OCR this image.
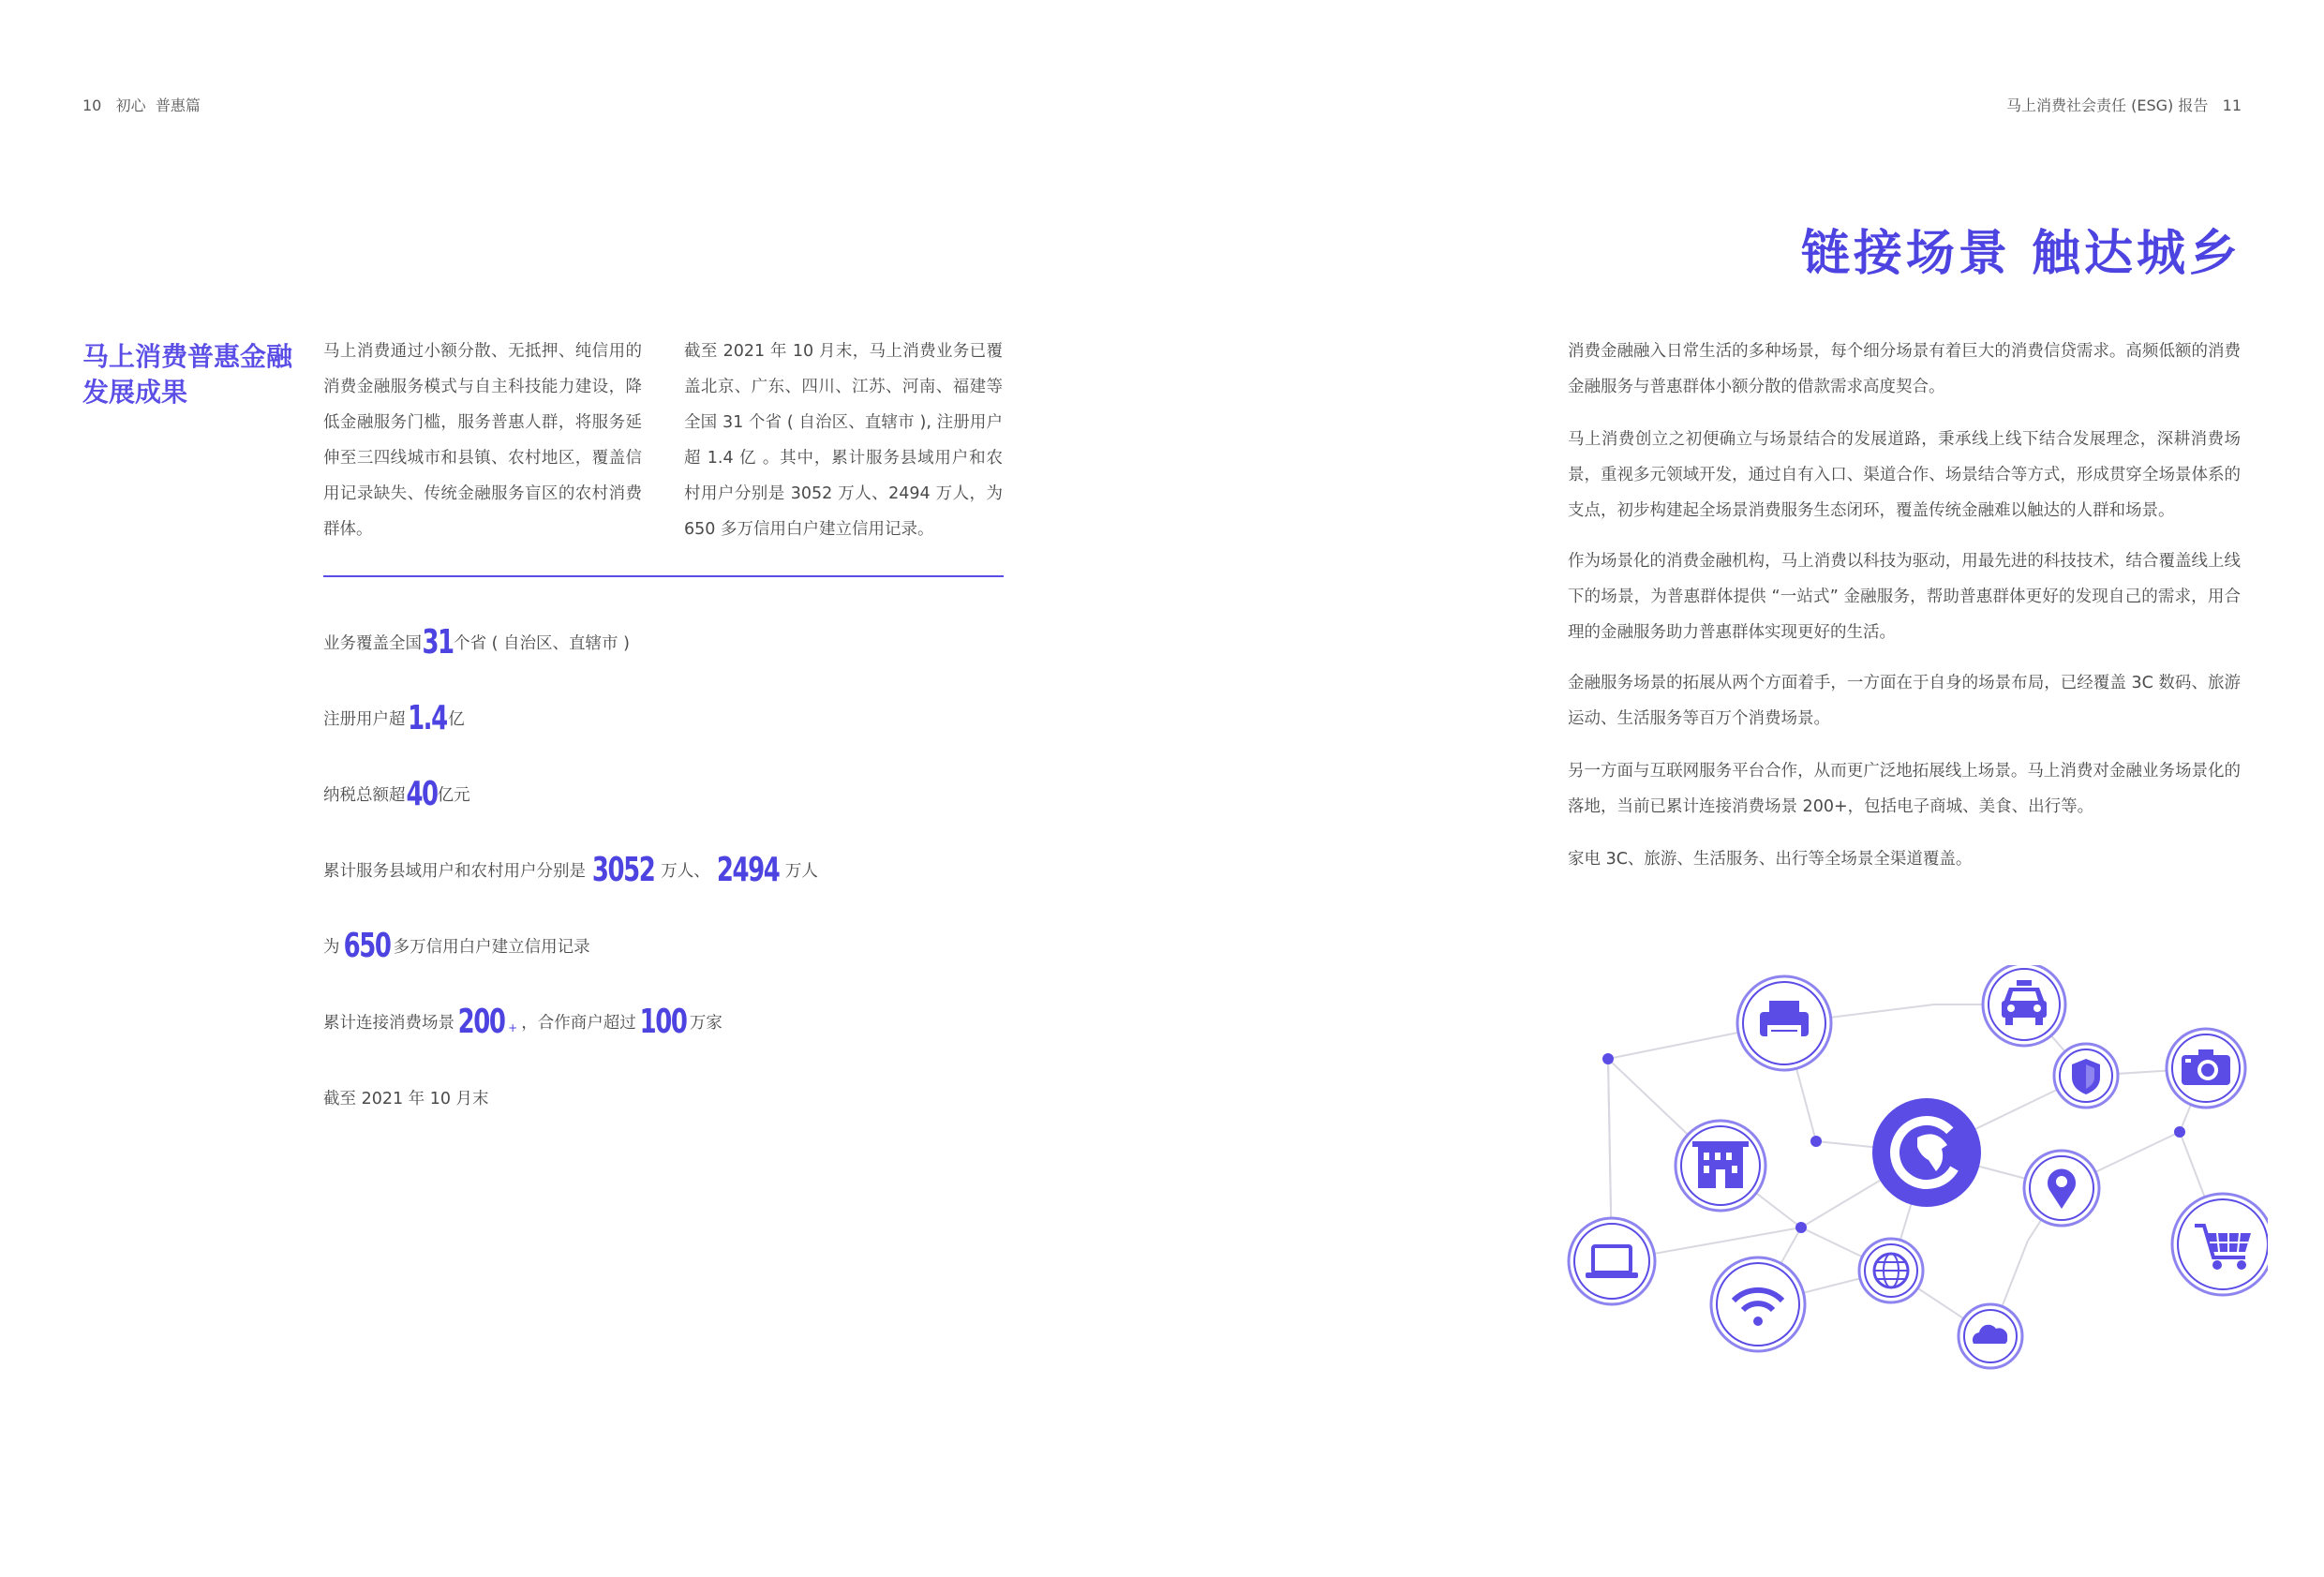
10 初心 普惠篇	马上消费社会责任 (ESG) 报告 11
马上消费普惠金融发展成果
马上消费通过小额分散、无抵押、纯信用的消费金融服务模式与自主科技能力建设，降低金融服务门槛，服务普惠人群，将服务延伸至三四线城市和县镇、农村地区，覆盖信用记录缺失、传统金融服务盲区的农村消费群体。
截至 2021 年 10 月末，马上消费业务已覆盖北京、广东、四川、江苏、河南、福建等全国 31 个省 ( 自治区、直辖市 ), 注册用户超 1.4 亿 。其中，累计服务县域用户和农村用户分别是 3052 万人、2494 万人，为 650 多万信用白户建立信用记录。
业务覆盖全国 31 个省 ( 自治区、直辖市 )
注册用户超 1.4 亿
纳税总额超 40 亿元
累计服务县域用户和农村用户分别是 3052 万人、 2494 万人
为 650 多万信用白户建立信用记录
累计连接消费场景 200 + ，合作商户超过 100 万家
截至 2021 年 10 月末
链接场景 触达城乡
消费金融融入日常生活的多种场景，每个细分场景有着巨大的消费信贷需求。高频低额的消费金融服务与普惠群体小额分散的借款需求高度契合。
马上消费创立之初便确立与场景结合的发展道路，秉承线上线下结合发展理念，深耕消费场景，重视多元领域开发，通过自有入口、渠道合作、场景结合等方式，形成贯穿全场景体系的支点，初步构建起全场景消费服务生态闭环，覆盖传统金融难以触达的人群和场景。
作为场景化的消费金融机构，马上消费以科技为驱动，用最先进的科技技术，结合覆盖线上线下的场景，为普惠群体提供 “一站式” 金融服务，帮助普惠群体更好的发现自己的需求，用合理的金融服务助力普惠群体实现更好的生活。
金融服务场景的拓展从两个方面着手，一方面在于自身的场景布局，已经覆盖 3C 数码、旅游运动、生活服务等百万个消费场景。
另一方面与互联网服务平台合作，从而更广泛地拓展线上场景。马上消费对金融业务场景化的落地，当前已累计连接消费场景 200+，包括电子商城、美食、出行等。
家电 3C、旅游、生活服务、出行等全场景全渠道覆盖。
